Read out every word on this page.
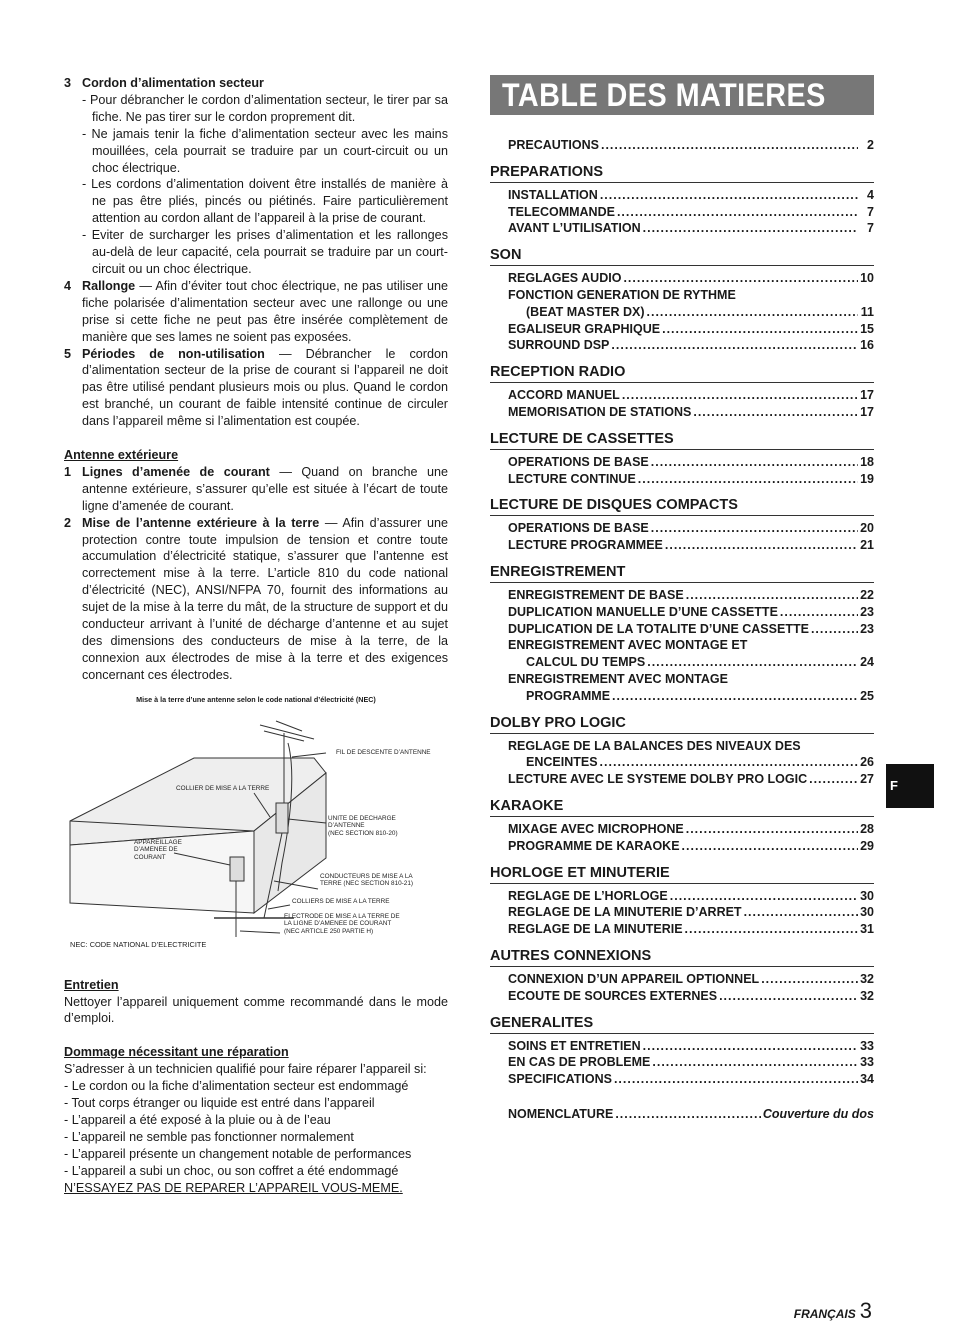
3 Cordon d’alimentation secteur
- Pour débrancher le cordon d’alimentation secteur, le tirer par sa fiche. Ne pas tirer sur le cordon proprement dit.
- Ne jamais tenir la fiche d’alimentation secteur avec les mains mouillées, cela pourrait se traduire par un court-circuit ou un choc électrique.
- Les cordons d’alimentation doivent être installés de manière à ne pas être pliés, pincés ou piétinés. Faire particulièrement attention au cordon allant de l’appareil à la prise de courant.
- Eviter de surcharger les prises d’alimentation et les rallonges au-delà de leur capacité, cela pourrait se traduire par un court-circuit ou un choc électrique.
4 Rallonge — Afin d’éviter tout choc électrique, ne pas utiliser une fiche polarisée d’alimentation secteur avec une rallonge ou une prise si cette fiche ne peut pas être insérée complètement de manière que ses lames ne soient pas exposées.
5 Périodes de non-utilisation — Débrancher le cordon d’alimentation secteur de la prise de courant si l’appareil ne doit pas être utilisé pendant plusieurs mois ou plus. Quand le cordon est branché, un courant de faible intensité continue de circuler dans l’appareil même si l’alimentation est coupée.
Antenne extérieure
1 Lignes d’amenée de courant — Quand on branche une antenne extérieure, s’assurer qu’elle est située à l’écart de toute ligne d’amenée de courant.
2 Mise de l’antenne extérieure à la terre — Afin d’assurer une protection contre toute impulsion de tension et contre toute accumulation d’électricité statique, s’assurer que l’antenne est correctement mise à la terre. L’article 810 du code national d’électricité (NEC), ANSI/NFPA 70, fournit des informations au sujet de la mise à la terre du mât, de la structure de support et du conducteur arrivant à l’unité de décharge d’antenne et au sujet des dimensions des conducteurs de mise à la terre, de la connexion aux électrodes de mise à la terre et des exigences concernant ces électrodes.
Mise à la terre d’une antenne selon le code national d’électricité (NEC)
FIL DE DESCENTE D’ANTENNE
COLLIER DE MISE A LA TERRE
UNITE DE DECHARGE
D’ANTENNE
(NEC SECTION 810-20)
APPAREILLAGE
D’AMENEE DE
COURANT
CONDUCTEURS DE MISE A LA
TERRE (NEC SECTION 810-21)
COLLIERS DE MISE A LA TERRE
ELECTRODE DE MISE A LA TERRE DE
LA LIGNE D’AMENEE DE COURANT
(NEC ARTICLE 250 PARTIE H)
NEC: CODE NATIONAL D’ELECTRICITE
Entretien
Nettoyer l’appareil uniquement comme recommandé dans le mode d’emploi.
Dommage nécessitant une réparation
S’adresser à un technicien qualifié pour faire réparer l’appareil si:
- Le cordon ou la fiche d’alimentation secteur est endommagé
- Tout corps étranger ou liquide est entré dans l’appareil
- L’appareil a été exposé à la pluie ou à de l’eau
- L’appareil ne semble pas fonctionner normalement
- L’appareil présente un changement notable de performances
- L’appareil a subi un choc, ou son coffret a été endommagé
N’ESSAYEZ PAS DE REPARER L’APPAREIL VOUS-MEME.
TABLE DES MATIERES
PRECAUTIONS .....	2
PREPARATIONS
INSTALLATION .....	4
TELECOMMANDE .....	7
AVANT L’UTILISATION .....	7
SON
REGLAGES AUDIO .....	10
FONCTION GENERATION DE RYTHME
(BEAT MASTER DX) .....	11
EGALISEUR GRAPHIQUE .....	15
SURROUND DSP .....	16
RECEPTION RADIO
ACCORD MANUEL .....	17
MEMORISATION DE STATIONS .....	17
LECTURE DE CASSETTES
OPERATIONS DE BASE .....	18
LECTURE CONTINUE .....	19
LECTURE DE DISQUES COMPACTS
OPERATIONS DE BASE .....	20
LECTURE PROGRAMMEE .....	21
ENREGISTREMENT
ENREGISTREMENT DE BASE .....	22
DUPLICATION MANUELLE D’UNE CASSETTE .....	23
DUPLICATION DE LA TOTALITE D’UNE CASSETTE .....	23
ENREGISTREMENT AVEC MONTAGE ET
CALCUL DU TEMPS .....	24
ENREGISTREMENT AVEC MONTAGE
PROGRAMME .....	25
DOLBY PRO LOGIC
REGLAGE DE LA BALANCES DES NIVEAUX DES
ENCEINTES .....	26
LECTURE AVEC LE SYSTEME DOLBY PRO LOGIC .....	27
KARAOKE
MIXAGE AVEC MICROPHONE .....	28
PROGRAMME DE KARAOKE .....	29
HORLOGE ET MINUTERIE
REGLAGE DE L’HORLOGE .....	30
REGLAGE DE LA MINUTERIE D’ARRET .....	30
REGLAGE DE LA MINUTERIE .....	31
AUTRES CONNEXIONS
CONNEXION D’UN APPAREIL OPTIONNEL .....	32
ECOUTE DE SOURCES EXTERNES .....	32
GENERALITES
SOINS ET ENTRETIEN .....	33
EN CAS DE PROBLEME .....	33
SPECIFICATIONS .....	34
NOMENCLATURE .....	Couverture du dos
F
FRANÇAIS 3
